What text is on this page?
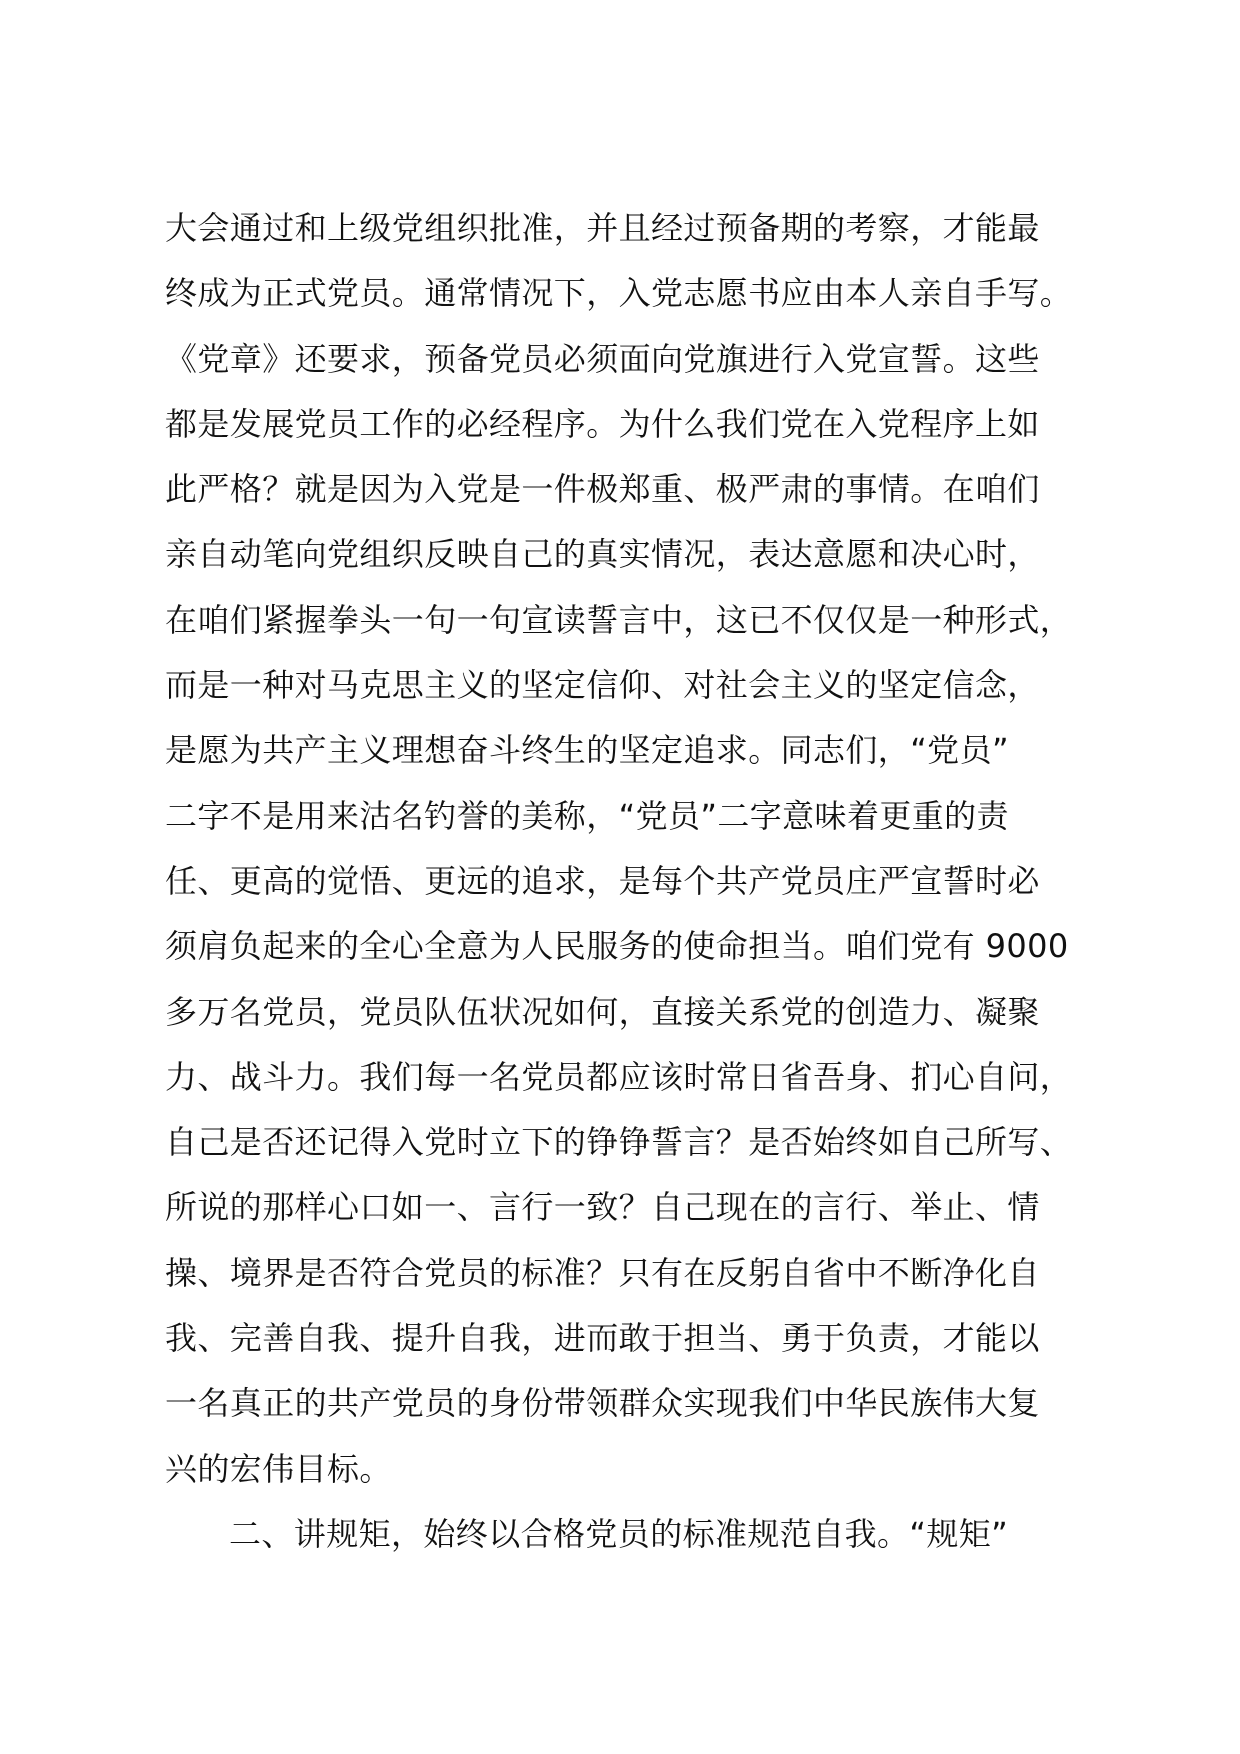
大会通过和上级党组织批准，并且经过预备期的考察，才能最
终成为正式党员。通常情况下，入党志愿书应由本人亲自手写。
《党章》还要求，预备党员必须面向党旗进行入党宣誓。这些
都是发展党员工作的必经程序。为什么我们党在入党程序上如
此严格？就是因为入党是一件极郑重、极严肃的事情。在咱们
亲自动笔向党组织反映自己的真实情况，表达意愿和决心时，
在咱们紧握拳头一句一句宣读誓言中，这已不仅仅是一种形式，
而是一种对马克思主义的坚定信仰、对社会主义的坚定信念，
是愿为共产主义理想奋斗终生的坚定追求。同志们，“党员”
二字不是用来沽名钓誉的美称，“党员”二字意味着更重的责
任、更高的觉悟、更远的追求，是每个共产党员庄严宣誓时必
须肩负起来的全心全意为人民服务的使命担当。咱们党有 9000
多万名党员，党员队伍状况如何，直接关系党的创造力、凝聚
力、战斗力。我们每一名党员都应该时常日省吾身、扪心自问，
自己是否还记得入党时立下的铮铮誓言？是否始终如自己所写、
所说的那样心口如一、言行一致？自己现在的言行、举止、情
操、境界是否符合党员的标准？只有在反躬自省中不断净化自
我、完善自我、提升自我，进而敢于担当、勇于负责，才能以
一名真正的共产党员的身份带领群众实现我们中华民族伟大复
兴的宏伟目标。
二、讲规矩，始终以合格党员的标准规范自我。“规矩”
